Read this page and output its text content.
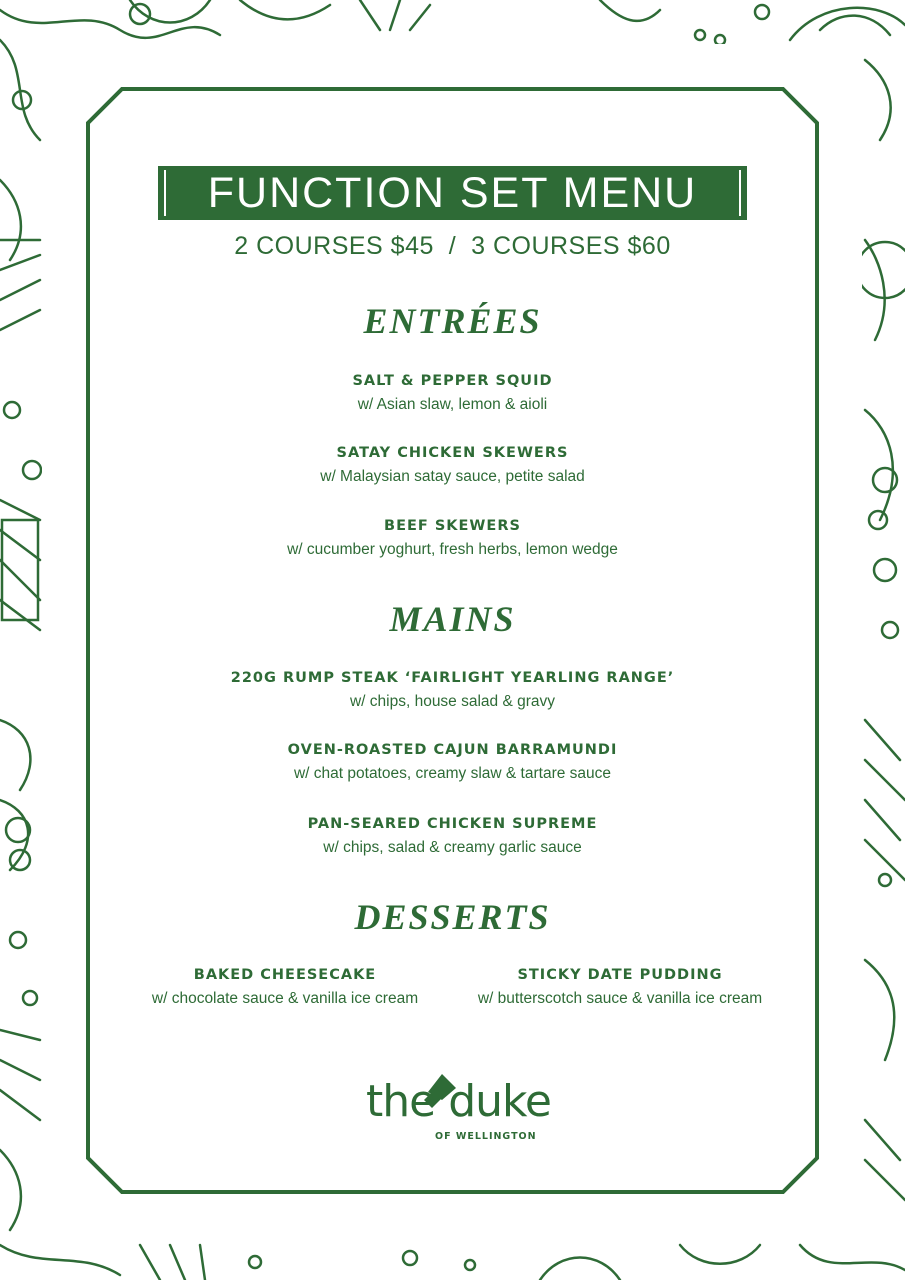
FUNCTION SET MENU
2 COURSES $45  /  3 COURSES $60
ENTRÉES
SALT & PEPPER SQUID
w/ Asian slaw, lemon & aioli
SATAY CHICKEN SKEWERS
w/ Malaysian satay sauce, petite salad
BEEF SKEWERS
w/ cucumber yoghurt, fresh herbs, lemon wedge
MAINS
220G RUMP STEAK ‘FAIRLIGHT YEARLING RANGE’
w/ chips, house salad & gravy
OVEN-ROASTED CAJUN BARRAMUNDI
w/ chat potatoes, creamy slaw & tartare sauce
PAN-SEARED CHICKEN SUPREME
w/ chips, salad & creamy garlic sauce
DESSERTS
BAKED CHEESECAKE
w/ chocolate sauce & vanilla ice cream
STICKY DATE PUDDING
w/ butterscotch sauce & vanilla ice cream
the duke
OF WELLINGTON
